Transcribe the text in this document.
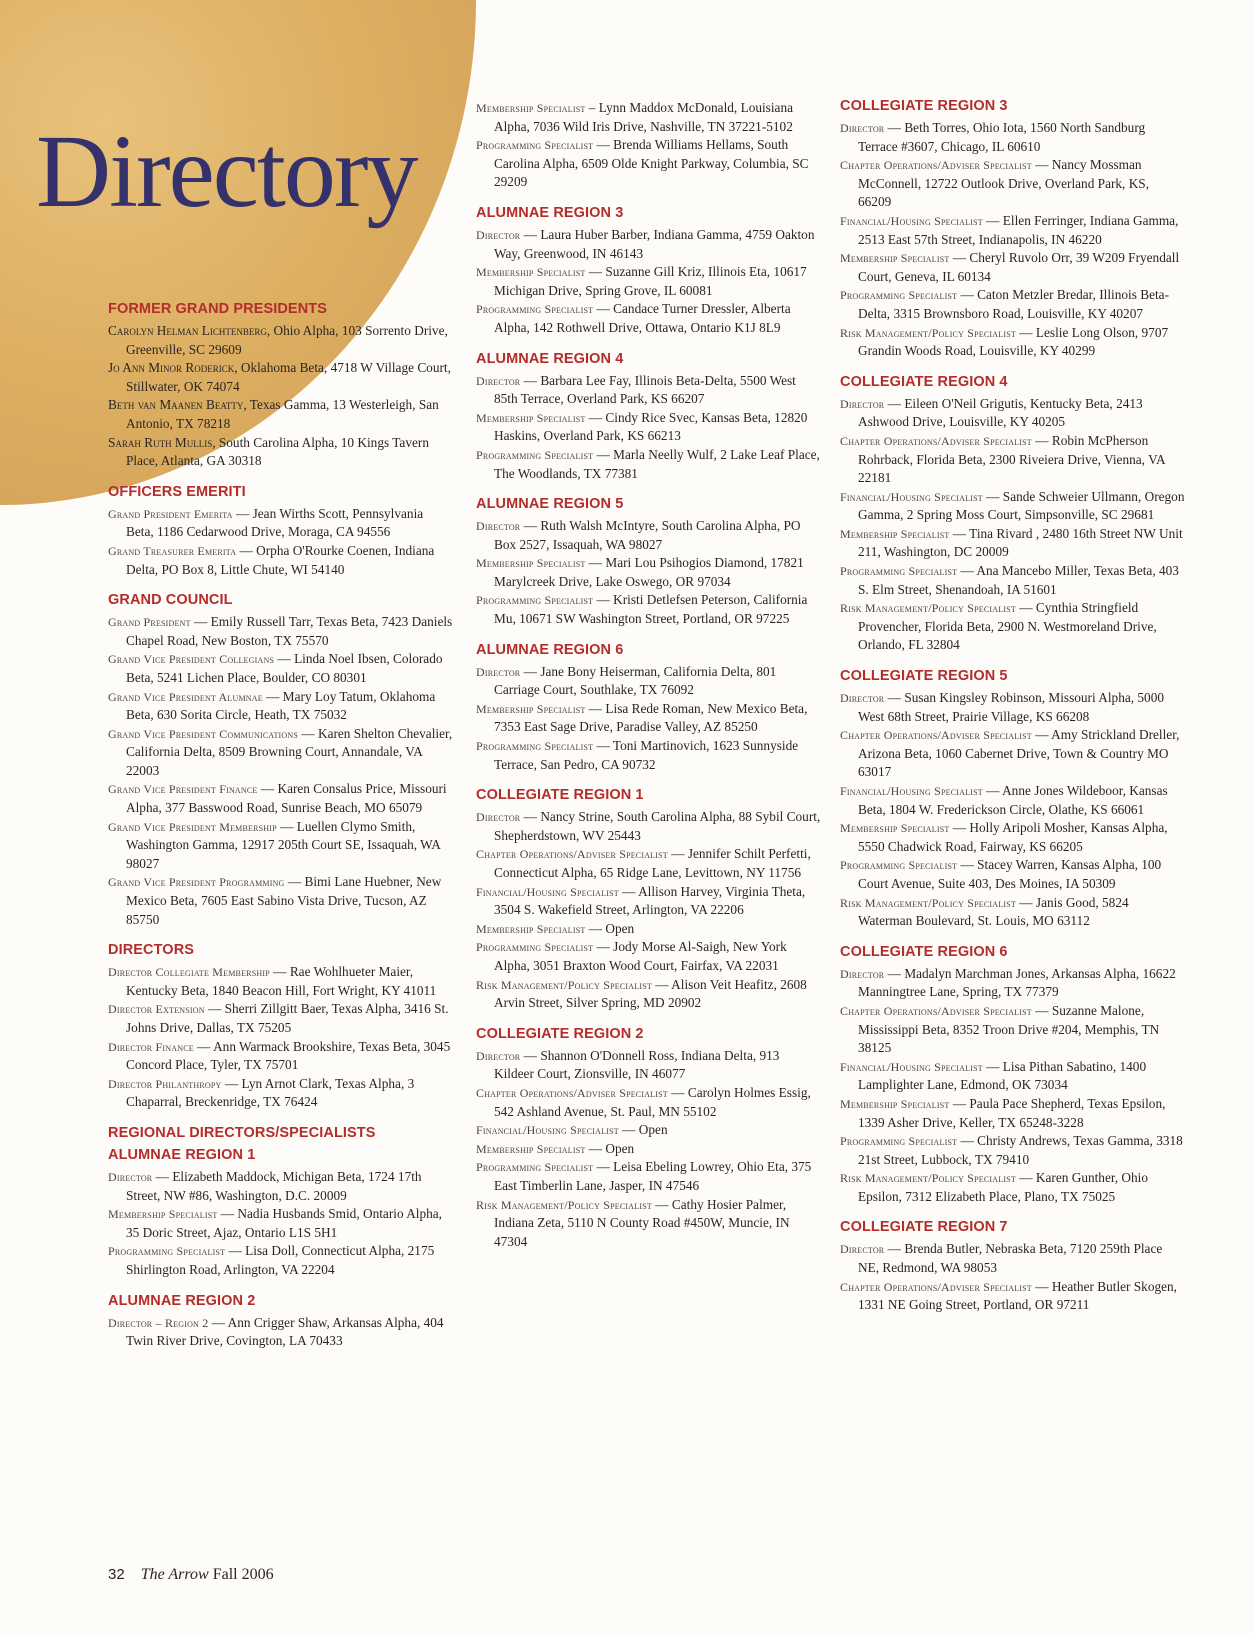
Directory
FORMER GRAND PRESIDENTS

Carolyn Helman Lichtenberg, Ohio Alpha, 103 Sorrento Drive, Greenville, SC 29609

Jo Ann Minor Roderick, Oklahoma Beta, 4718 W Village Court, Stillwater, OK 74074

Beth van Maanen Beatty, Texas Gamma, 13 Westerleigh, San Antonio, TX 78218

Sarah Ruth Mullis, South Carolina Alpha, 10 Kings Tavern Place, Atlanta, GA 30318

OFFICERS EMERITI

Grand President Emerita — Jean Wirths Scott, Pennsylvania Beta, 1186 Cedarwood Drive, Moraga, CA 94556

Grand Treasurer Emerita — Orpha O'Rourke Coenen, Indiana Delta, PO Box 8, Little Chute, WI 54140

GRAND COUNCIL

Grand President — Emily Russell Tarr, Texas Beta, 7423 Daniels Chapel Road, New Boston, TX 75570

Grand Vice President Collegians — Linda Noel Ibsen, Colorado Beta, 5241 Lichen Place, Boulder, CO 80301

Grand Vice President Alumnae — Mary Loy Tatum, Oklahoma Beta, 630 Sorita Circle, Heath, TX 75032

Grand Vice President Communications — Karen Shelton Chevalier, California Delta, 8509 Browning Court, Annandale, VA 22003

Grand Vice President Finance — Karen Consalus Price, Missouri Alpha, 377 Basswood Road, Sunrise Beach, MO 65079

Grand Vice President Membership — Luellen Clymo Smith, Washington Gamma, 12917 205th Court SE, Issaquah, WA 98027

Grand Vice President Programming — Bimi Lane Huebner, New Mexico Beta, 7605 East Sabino Vista Drive, Tucson, AZ 85750

DIRECTORS

Director Collegiate Membership — Rae Wohlhueter Maier, Kentucky Beta, 1840 Beacon Hill, Fort Wright, KY 41011

Director Extension — Sherri Zillgitt Baer, Texas Alpha, 3416 St. Johns Drive, Dallas, TX 75205

Director Finance — Ann Warmack Brookshire, Texas Beta, 3045 Concord Place, Tyler, TX 75701

Director Philanthropy — Lyn Arnot Clark, Texas Alpha, 3 Chaparral, Breckenridge, TX 76424

REGIONAL DIRECTORS/SPECIALISTS
ALUMNAE REGION 1

Director — Elizabeth Maddock, Michigan Beta, 1724 17th Street, NW #86, Washington, D.C. 20009

Membership Specialist — Nadia Husbands Smid, Ontario Alpha, 35 Doric Street, Ajaz, Ontario L1S 5H1

Programming Specialist — Lisa Doll, Connecticut Alpha, 2175 Shirlington Road, Arlington, VA 22204

ALUMNAE REGION 2

Director – Region 2 — Ann Crigger Shaw, Arkansas Alpha, 404 Twin River Drive, Covington, LA 70433

Membership Specialist – Lynn Maddox McDonald, Louisiana Alpha, 7036 Wild Iris Drive, Nashville, TN 37221-5102

Programming Specialist — Brenda Williams Hellams, South Carolina Alpha, 6509 Olde Knight Parkway, Columbia, SC 29209

ALUMNAE REGION 3

Director — Laura Huber Barber, Indiana Gamma, 4759 Oakton Way, Greenwood, IN 46143

Membership Specialist — Suzanne Gill Kriz, Illinois Eta, 10617 Michigan Drive, Spring Grove, IL 60081

Programming Specialist — Candace Turner Dressler, Alberta Alpha, 142 Rothwell Drive, Ottawa, Ontario K1J 8L9

ALUMNAE REGION 4

Director — Barbara Lee Fay, Illinois Beta-Delta, 5500 West 85th Terrace, Overland Park, KS 66207

Membership Specialist — Cindy Rice Svec, Kansas Beta, 12820 Haskins, Overland Park, KS 66213

Programming Specialist — Marla Neelly Wulf, 2 Lake Leaf Place, The Woodlands, TX 77381

ALUMNAE REGION 5

Director — Ruth Walsh McIntyre, South Carolina Alpha, PO Box 2527, Issaquah, WA 98027

Membership Specialist — Mari Lou Psihogios Diamond, 17821 Marylcreek Drive, Lake Oswego, OR 97034

Programming Specialist — Kristi Detlefsen Peterson, California Mu, 10671 SW Washington Street, Portland, OR 97225

ALUMNAE REGION 6

Director — Jane Bony Heiserman, California Delta, 801 Carriage Court, Southlake, TX 76092

Membership Specialist — Lisa Rede Roman, New Mexico Beta, 7353 East Sage Drive, Paradise Valley, AZ 85250

Programming Specialist — Toni Martinovich, 1623 Sunnyside Terrace, San Pedro, CA 90732

COLLEGIATE REGION 1

Director — Nancy Strine, South Carolina Alpha, 88 Sybil Court, Shepherdstown, WV 25443

Chapter Operations/Adviser Specialist — Jennifer Schilt Perfetti, Connecticut Alpha, 65 Ridge Lane, Levittown, NY 11756

Financial/Housing Specialist — Allison Harvey, Virginia Theta, 3504 S. Wakefield Street, Arlington, VA 22206

Membership Specialist — Open

Programming Specialist — Jody Morse Al-Saigh, New York Alpha, 3051 Braxton Wood Court, Fairfax, VA 22031

Risk Management/Policy Specialist — Alison Veit Heafitz, 2608 Arvin Street, Silver Spring, MD 20902

COLLEGIATE REGION 2

Director — Shannon O'Donnell Ross, Indiana Delta, 913 Kildeer Court, Zionsville, IN 46077

Chapter Operations/Adviser Specialist — Carolyn Holmes Essig, 542 Ashland Avenue, St. Paul, MN 55102

Financial/Housing Specialist — Open

Membership Specialist — Open

Programming Specialist — Leisa Ebeling Lowrey, Ohio Eta, 375 East Timberlin Lane, Jasper, IN 47546

Risk Management/Policy Specialist — Cathy Hosier Palmer, Indiana Zeta, 5110 N County Road #450W, Muncie, IN 47304

COLLEGIATE REGION 3

Director — Beth Torres, Ohio Iota, 1560 North Sandburg Terrace #3607, Chicago, IL 60610

Chapter Operations/Adviser Specialist — Nancy Mossman McConnell, 12722 Outlook Drive, Overland Park, KS, 66209

Financial/Housing Specialist — Ellen Ferringer, Indiana Gamma, 2513 East 57th Street, Indianapolis, IN 46220

Membership Specialist — Cheryl Ruvolo Orr, 39 W209 Fryendall Court, Geneva, IL 60134

Programming Specialist — Caton Metzler Bredar, Illinois Beta-Delta, 3315 Brownsboro Road, Louisville, KY 40207

Risk Management/Policy Specialist — Leslie Long Olson, 9707 Grandin Woods Road, Louisville, KY 40299

COLLEGIATE REGION 4

Director — Eileen O'Neil Grigutis, Kentucky Beta, 2413 Ashwood Drive, Louisville, KY 40205

Chapter Operations/Adviser Specialist — Robin McPherson Rohrback, Florida Beta, 2300 Riveiera Drive, Vienna, VA 22181

Financial/Housing Specialist — Sande Schweier Ullmann, Oregon Gamma, 2 Spring Moss Court, Simpsonville, SC 29681

Membership Specialist — Tina Rivard , 2480 16th Street NW Unit 211, Washington, DC 20009

Programming Specialist — Ana Mancebo Miller, Texas Beta, 403 S. Elm Street, Shenandoah, IA 51601

Risk Management/Policy Specialist — Cynthia Stringfield Provencher, Florida Beta, 2900 N. Westmoreland Drive, Orlando, FL 32804

COLLEGIATE REGION 5

Director — Susan Kingsley Robinson, Missouri Alpha, 5000 West 68th Street, Prairie Village, KS 66208

Chapter Operations/Adviser Specialist — Amy Strickland Dreller, Arizona Beta, 1060 Cabernet Drive, Town & Country MO 63017

Financial/Housing Specialist — Anne Jones Wildeboor, Kansas Beta, 1804 W. Frederickson Circle, Olathe, KS 66061

Membership Specialist — Holly Aripoli Mosher, Kansas Alpha, 5550 Chadwick Road, Fairway, KS 66205

Programming Specialist — Stacey Warren, Kansas Alpha, 100 Court Avenue, Suite 403, Des Moines, IA 50309

Risk Management/Policy Specialist — Janis Good, 5824 Waterman Boulevard, St. Louis, MO 63112

COLLEGIATE REGION 6

Director — Madalyn Marchman Jones, Arkansas Alpha, 16622 Manningtree Lane, Spring, TX 77379

Chapter Operations/Adviser Specialist — Suzanne Malone, Mississippi Beta, 8352 Troon Drive #204, Memphis, TN 38125

Financial/Housing Specialist — Lisa Pithan Sabatino, 1400 Lamplighter Lane, Edmond, OK 73034

Membership Specialist — Paula Pace Shepherd, Texas Epsilon, 1339 Asher Drive, Keller, TX 65248-3228

Programming Specialist — Christy Andrews, Texas Gamma, 3318 21st Street, Lubbock, TX 79410

Risk Management/Policy Specialist — Karen Gunther, Ohio Epsilon, 7312 Elizabeth Place, Plano, TX 75025

COLLEGIATE REGION 7

Director — Brenda Butler, Nebraska Beta, 7120 259th Place NE, Redmond, WA 98053

Chapter Operations/Adviser Specialist — Heather Butler Skogen, 1331 NE Going Street, Portland, OR 97211

32 The Arrow Fall 2006
